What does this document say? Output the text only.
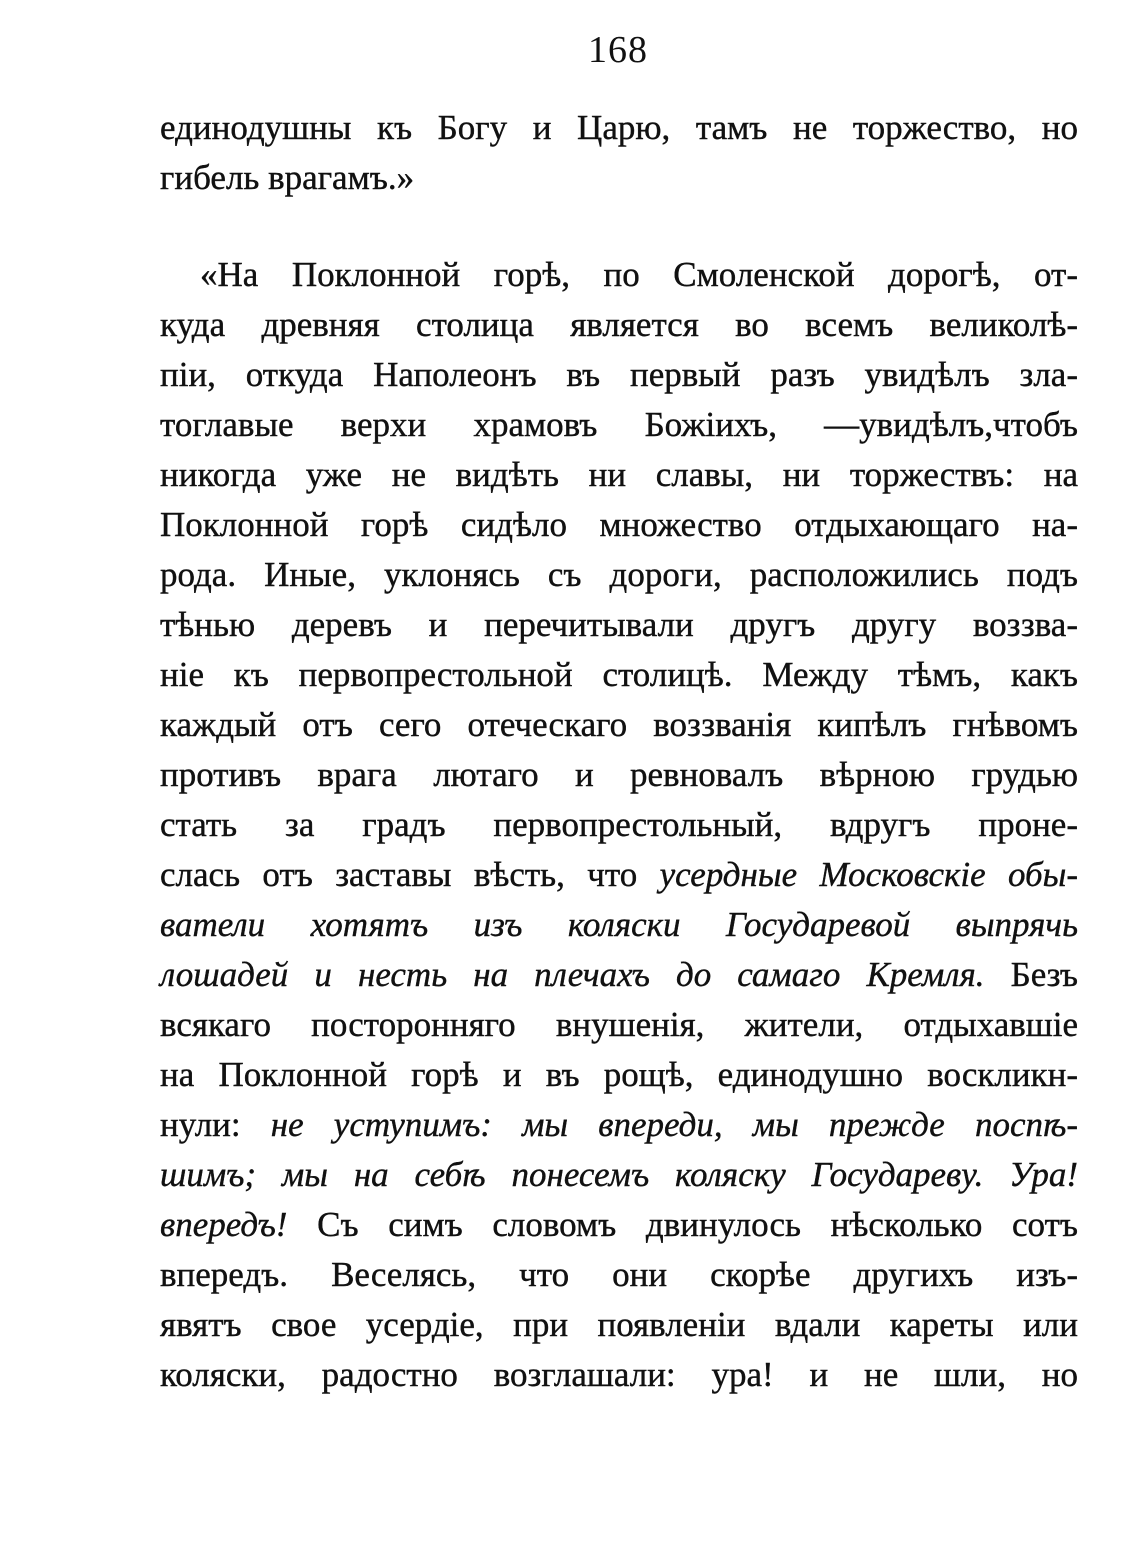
168
единодушны къ Богу и Царю, тамъ не торжество, но
гибель врагамъ.»
«На Поклонной горѣ, по Смоленской дорогѣ, от-
куда древняя столица является во всемъ великолѣ-
піи, откуда Наполеонъ въ первый разъ увидѣлъ зла-
тоглавые верхи храмовъ Божіихъ, —увидѣлъ,чтобъ
никогда уже не видѣть ни славы, ни торжествъ: на
Поклонной горѣ сидѣло множество отдыхающаго на-
рода. Иные, уклонясь съ дороги, расположились подъ
тѣнью деревъ и перечитывали другъ другу воззва-
ніе къ первопрестольной столицѣ. Между тѣмъ, какъ
каждый отъ сего отеческаго воззванія кипѣлъ гнѣвомъ
противъ врага лютаго и ревновалъ вѣрною грудью
стать за градъ первопрестольный, вдругъ проне-
слась отъ заставы вѣсть, что усердные Московскіе обы-
ватели хотятъ изъ коляски Государевой выпрячь
лошадей и несть на плечахъ до самаго Кремля. Безъ
всякаго посторонняго внушенія, жители, отдыхавшіе
на Поклонной горѣ и въ рощѣ, единодушно воскликн-
нули: не уступимъ: мы впереди, мы прежде поспѣ-
шимъ; мы на себѣ понесемъ коляску Государеву. Ура!
впередъ! Съ симъ словомъ двинулось нѣсколько сотъ
впередъ. Веселясь, что они скорѣе другихъ изъ-
явятъ свое усердіе, при появленіи вдали кареты или
коляски, радостно возглашали: ура! и не шли, но
